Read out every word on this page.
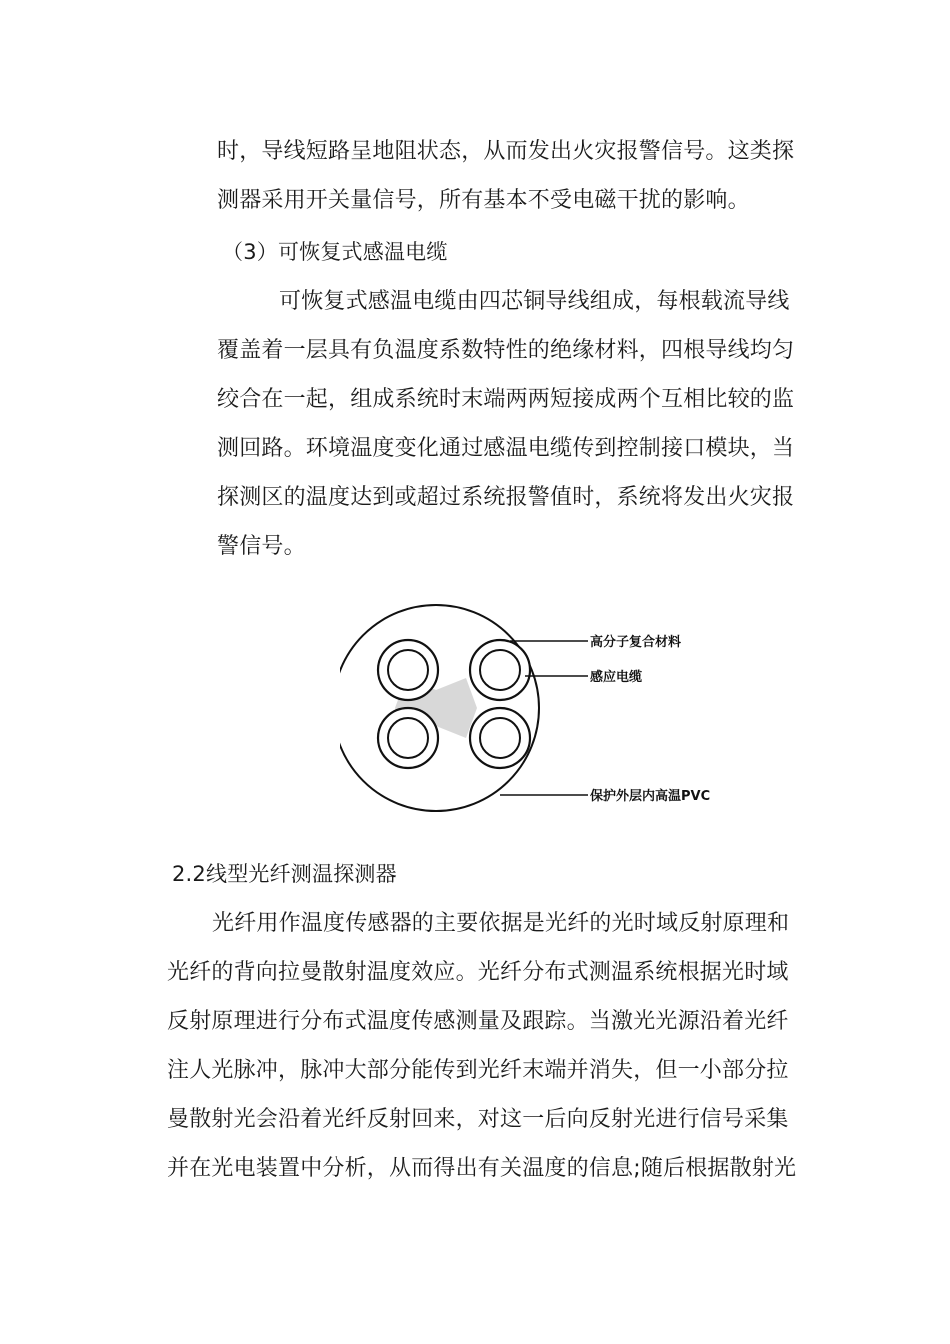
时，导线短路呈地阻状态，从而发出火灾报警信号。这类探
测器采用开关量信号，所有基本不受电磁干扰的影响。
（3）可恢复式感温电缆
可恢复式感温电缆由四芯铜导线组成，每根载流导线
覆盖着一层具有负温度系数特性的绝缘材料，四根导线均匀
绞合在一起，组成系统时末端两两短接成两个互相比较的监
测回路。环境温度变化通过感温电缆传到控制接口模块，当
探测区的温度达到或超过系统报警值时，系统将发出火灾报
警信号。
高分子复合材料
感应电缆
保护外层内高温PVC
2.2线型光纤测温探测器
光纤用作温度传感器的主要依据是光纤的光时域反射原理和
光纤的背向拉曼散射温度效应。光纤分布式测温系统根据光时域
反射原理进行分布式温度传感测量及跟踪。当激光光源沿着光纤
注人光脉冲，脉冲大部分能传到光纤末端并消失，但一小部分拉
曼散射光会沿着光纤反射回来，对这一后向反射光进行信号采集
并在光电装置中分析，从而得出有关温度的信息;随后根据散射光
